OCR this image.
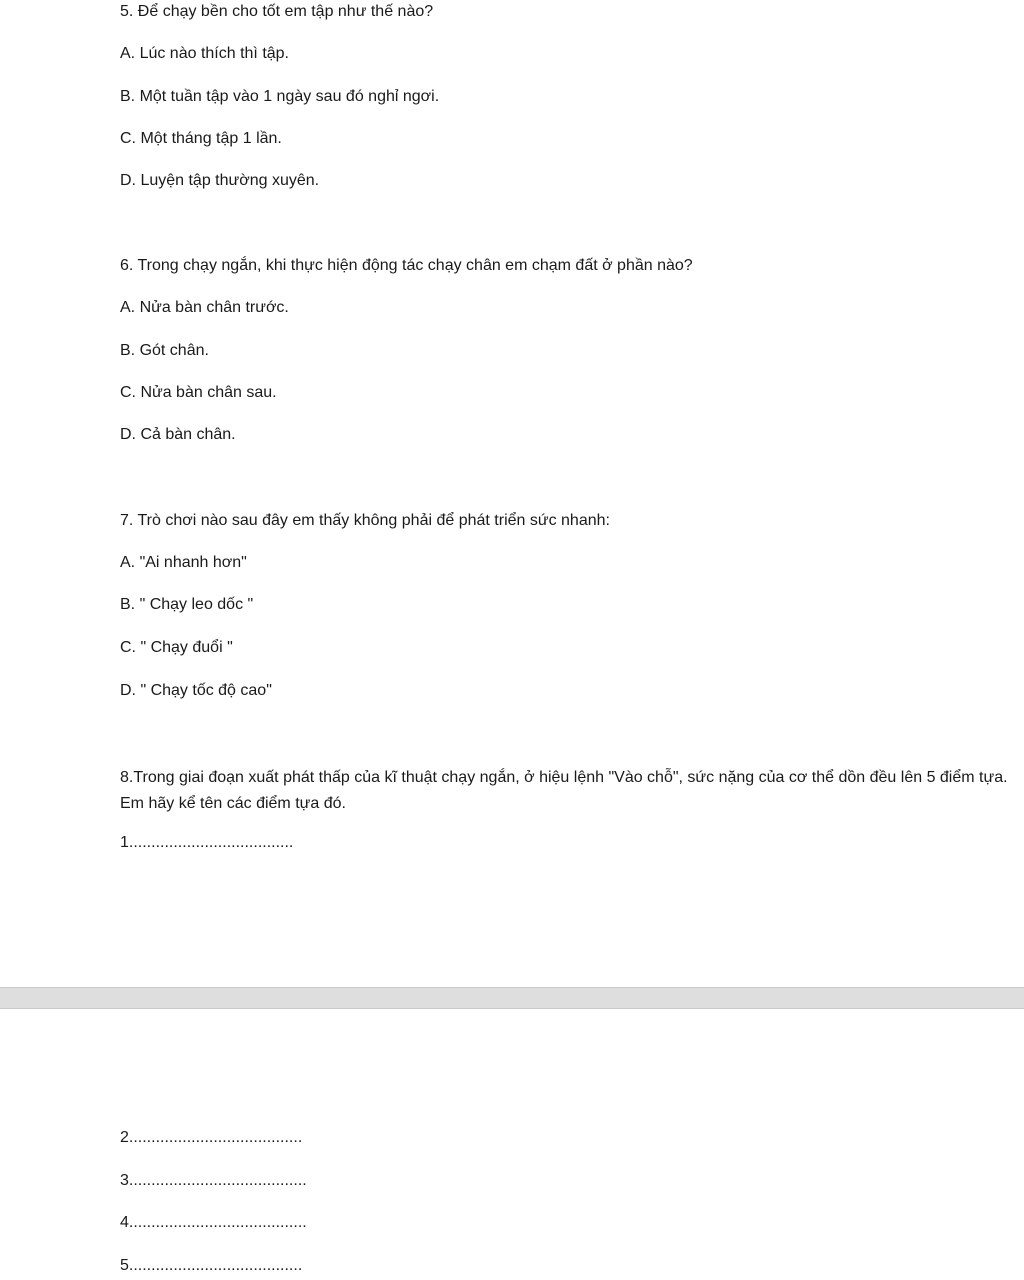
5. Để chạy bền cho tốt em tập như thế nào?
A. Lúc nào thích thì tập.
B. Một tuần tập vào 1 ngày sau đó nghỉ ngơi.
C. Một tháng tập 1 lần.
D. Luyện tập thường xuyên.
6. Trong chạy ngắn, khi thực hiện động tác chạy chân em chạm đất ở phần nào?
A. Nửa bàn chân trước.
B. Gót chân.
C. Nửa bàn chân sau.
D. Cả bàn chân.
7. Trò chơi nào sau đây em thấy không phải để phát triển sức nhanh:
A. "Ai nhanh hơn"
B. " Chạy leo dốc "
C. " Chạy đuổi "
D. " Chạy tốc độ cao"
8.Trong giai đoạn xuất phát thấp của kĩ thuật chạy ngắn, ở hiệu lệnh "Vào chỗ", sức nặng của cơ thể dồn đều lên 5 điểm tựa. Em hãy kể tên các điểm tựa đó.
1.....................................
2.......................................
3........................................
4........................................
5.......................................
